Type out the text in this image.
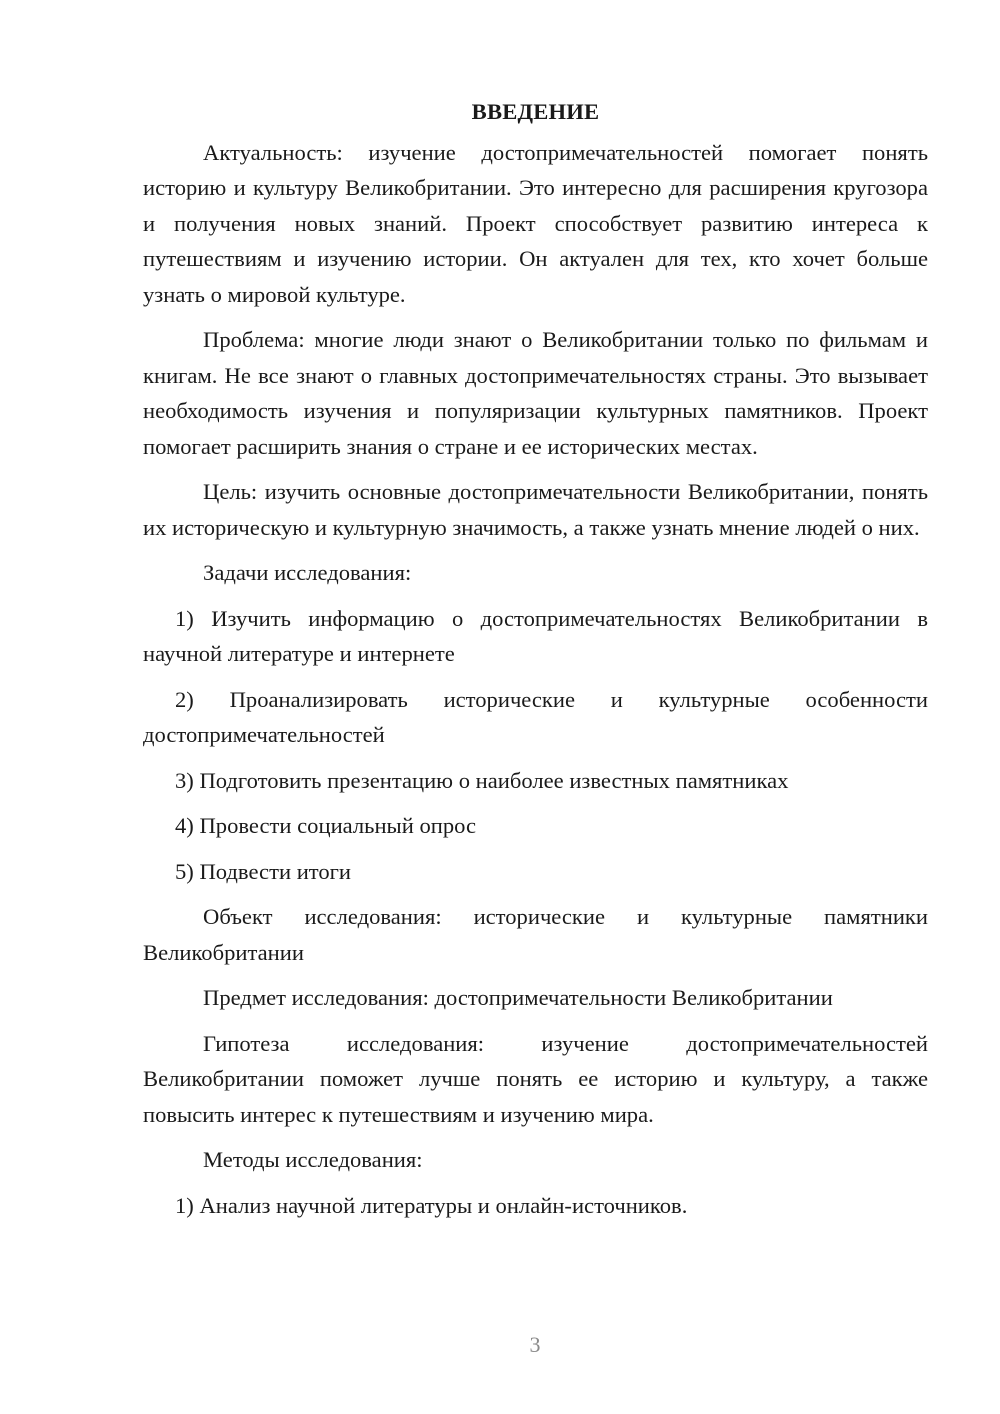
ВВЕДЕНИЕ

Актуальность: изучение достопримечательностей помогает понять историю и культуру Великобритании. Это интересно для расширения кругозора и получения новых знаний. Проект способствует развитию интереса к путешествиям и изучению истории. Он актуален для тех, кто хочет больше узнать о мировой культуре.

Проблема: многие люди знают о Великобритании только по фильмам и книгам. Не все знают о главных достопримечательностях страны. Это вызывает необходимость изучения и популяризации культурных памятников. Проект помогает расширить знания о стране и ее исторических местах.

Цель: изучить основные достопримечательности Великобритании, понять их историческую и культурную значимость, а также узнать мнение людей о них.

Задачи исследования:

1) Изучить информацию о достопримечательностях Великобритании в научной литературе и интернете

2) Проанализировать исторические и культурные особенности достопримечательностей

3) Подготовить презентацию о наиболее известных памятниках

4) Провести социальный опрос

5) Подвести итоги

Объект исследования: исторические и культурные памятники Великобритании

Предмет исследования: достопримечательности Великобритании

Гипотеза исследования: изучение достопримечательностей Великобритании поможет лучше понять ее историю и культуру, а также повысить интерес к путешествиям и изучению мира.

Методы исследования:

1) Анализ научной литературы и онлайн-источников.

3
